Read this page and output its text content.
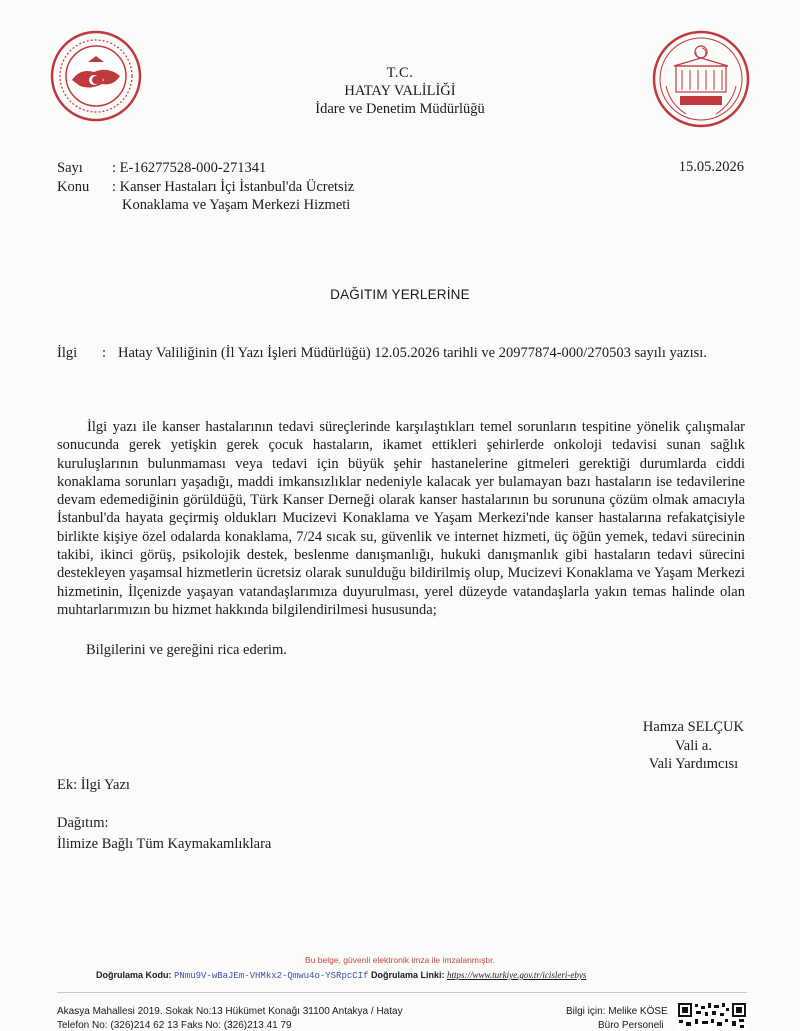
T.C.
HATAY VALİLİĞİ
İdare ve Denetim Müdürlüğü
Sayı	: E-16277528-000-271341	15.05.2026
Konu	: Kanser Hastaları İçi İstanbul'da Ücretsiz
Konaklama ve Yaşam Merkezi Hizmeti
DAĞITIM YERLERİNE
İlgi : Hatay Valiliğinin (İl Yazı İşleri Müdürlüğü) 12.05.2026 tarihli ve 20977874-000/270503 sayılı yazısı.
İlgi yazı ile kanser hastalarının tedavi süreçlerinde karşılaştıkları temel sorunların tespitine yönelik çalışmalar sonucunda gerek yetişkin gerek çocuk hastaların, ikamet ettikleri şehirlerde onkoloji tedavisi sunan sağlık kuruluşlarının bulunmaması veya tedavi için büyük şehir hastanelerine gitmeleri gerektiği durumlarda ciddi konaklama sorunları yaşadığı, maddi imkansızlıklar nedeniyle kalacak yer bulamayan bazı hastaların ise tedavilerine devam edemediğinin görüldüğü, Türk Kanser Derneği olarak kanser hastalarının bu sorununa çözüm olmak amacıyla İstanbul'da hayata geçirmiş oldukları Mucizevi Konaklama ve Yaşam Merkezi'nde kanser hastalarına refakatçisiyle birlikte kişiye özel odalarda konaklama, 7/24 sıcak su, güvenlik ve internet hizmeti, üç öğün yemek, tedavi sürecinin takibi, ikinci görüş, psikolojik destek, beslenme danışmanlığı, hukuki danışmanlık gibi hastaların tedavi sürecini destekleyen yaşamsal hizmetlerin ücretsiz olarak sunulduğu bildirilmiş olup, Mucizevi Konaklama ve Yaşam Merkezi hizmetinin, İlçenizde yaşayan vatandaşlarımıza duyurulması, yerel düzeyde vatandaşlarla yakın temas halinde olan muhtarlarımızın bu hizmet hakkında bilgilendirilmesi hususunda;
Bilgilerini ve gereğini rica ederim.
Hamza SELÇUK
Vali a.
Vali Yardımcısı
Ek: İlgi Yazı
Dağıtım:
İlimize Bağlı Tüm Kaymakamlıklara
Bu belge, güvenli elektronik imza ile imzalanmıştır.
Doğrulama Kodu: PNmu9V-wBaJEm-VHMkx2-Qmwu4o-YSRpcCIf Doğrulama Linki: https://www.turkiye.gov.tr/icisleri-ebys
Akasya Mahallesi 2019. Sokak No:13 Hükümet Konağı 31100 Antakya / Hatay
Telefon No: (326)214 62 13 Faks No: (326)213 41 79
Bilgi için: Melike KÖSE
Büro Personeli
